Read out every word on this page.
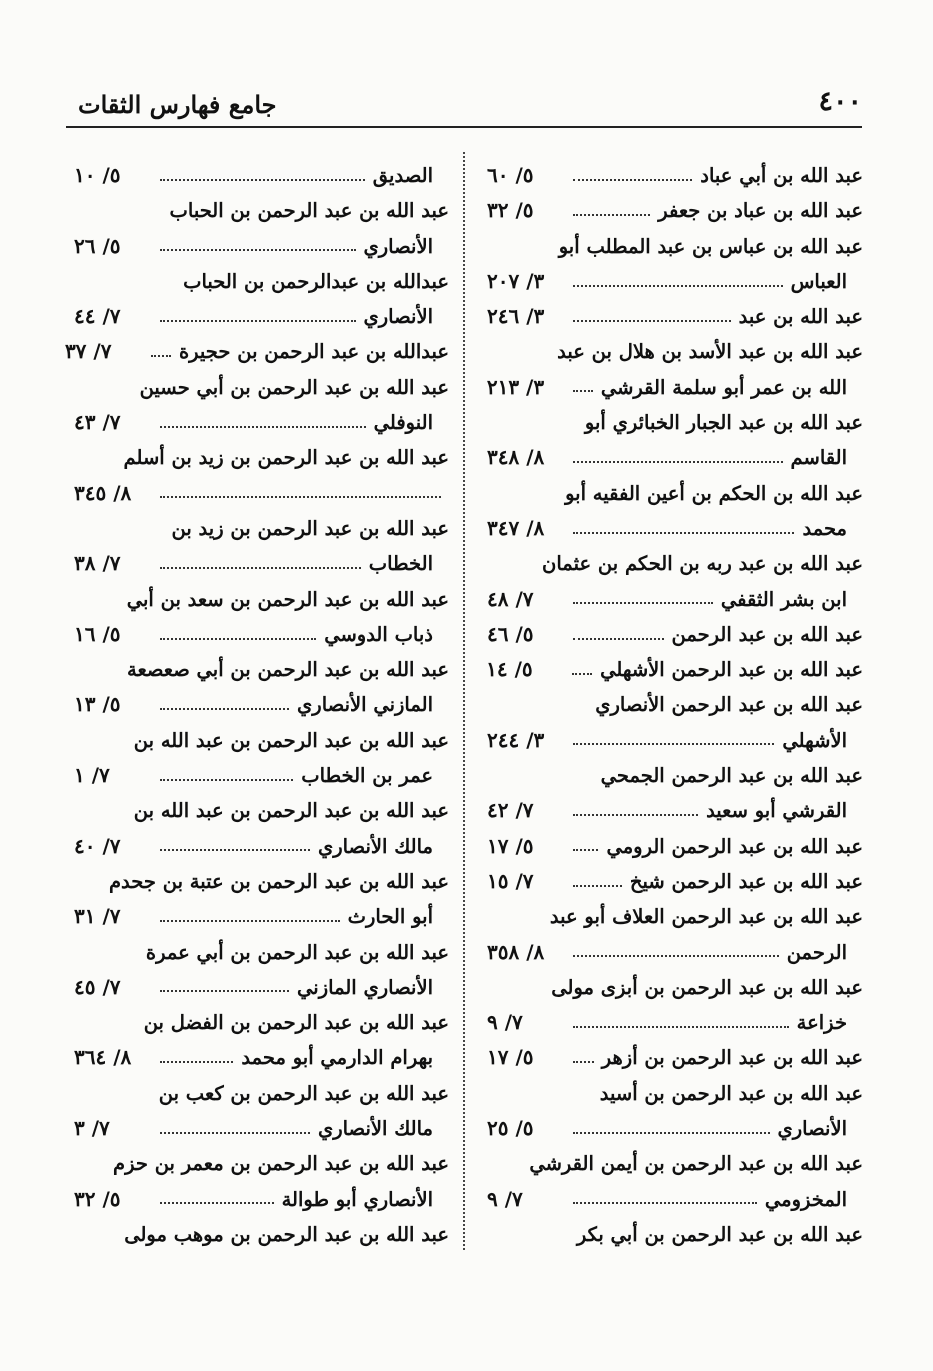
٤٠٠
جامع فهارس الثقات
عبد الله بن أبي عباد
٥/ ٦٠
عبد الله بن عباد بن جعفر
٥/ ٣٢
عبد الله بن عباس بن عبد المطلب أبو
العباس
٣/ ٢٠٧
عبد الله بن عبد
٣/ ٢٤٦
عبد الله بن عبد الأسد بن هلال بن عبد
الله بن عمر أبو سلمة القرشي
٣/ ٢١٣
عبد الله بن عبد الجبار الخبائري أبو
القاسم
٨/ ٣٤٨
عبد الله بن الحكم بن أعين الفقيه أبو
محمد
٨/ ٣٤٧
عبد الله بن عبد ربه بن الحكم بن عثمان
ابن بشر الثقفي
٧/ ٤٨
عبد الله بن عبد الرحمن
٥/ ٤٦
عبد الله بن عبد الرحمن الأشهلي
٥/ ١٤
عبد الله بن عبد الرحمن الأنصاري
الأشهلي
٣/ ٢٤٤
عبد الله بن عبد الرحمن الجمحي
القرشي أبو سعيد
٧/ ٤٢
عبد الله بن عبد الرحمن الرومي
٥/ ١٧
عبد الله بن عبد الرحمن شيخ
٧/ ١٥
عبد الله بن عبد الرحمن العلاف أبو عبد
الرحمن
٨/ ٣٥٨
عبد الله بن عبد الرحمن بن أبزى مولى
خزاعة
٧/ ٩
عبد الله بن عبد الرحمن بن أزهر
٥/ ١٧
عبد الله بن عبد الرحمن بن أسيد
الأنصاري
٥/ ٢٥
عبد الله بن عبد الرحمن بن أيمن القرشي
المخزومي
٧/ ٩
عبد الله بن عبد الرحمن بن أبي بكر
الصديق
٥/ ١٠
عبد الله بن عبد الرحمن بن الحباب
الأنصاري
٥/ ٢٦
عبدالله بن عبدالرحمن بن الحباب
الأنصاري
٧/ ٤٤
عبدالله بن عبد الرحمن بن حجيرة
٧/ ٣٧
عبد الله بن عبد الرحمن بن أبي حسين
النوفلي
٧/ ٤٣
عبد الله بن عبد الرحمن بن زيد بن أسلم
٨/ ٣٤٥
عبد الله بن عبد الرحمن بن زيد بن
الخطاب
٧/ ٣٨
عبد الله بن عبد الرحمن بن سعد بن أبي
ذباب الدوسي
٥/ ١٦
عبد الله بن عبد الرحمن بن أبي صعصعة
المازني الأنصاري
٥/ ١٣
عبد الله بن عبد الرحمن بن عبد الله بن
عمر بن الخطاب
٧/ ١
عبد الله بن عبد الرحمن بن عبد الله بن
مالك الأنصاري
٧/ ٤٠
عبد الله بن عبد الرحمن بن عتبة بن جحدم
أبو الحارث
٧/ ٣١
عبد الله بن عبد الرحمن بن أبي عمرة
الأنصاري المازني
٧/ ٤٥
عبد الله بن عبد الرحمن بن الفضل بن
بهرام الدارمي أبو محمد
٨/ ٣٦٤
عبد الله بن عبد الرحمن بن كعب بن
مالك الأنصاري
٧/ ٣
عبد الله بن عبد الرحمن بن معمر بن حزم
الأنصاري أبو طوالة
٥/ ٣٢
عبد الله بن عبد الرحمن بن موهب مولى
